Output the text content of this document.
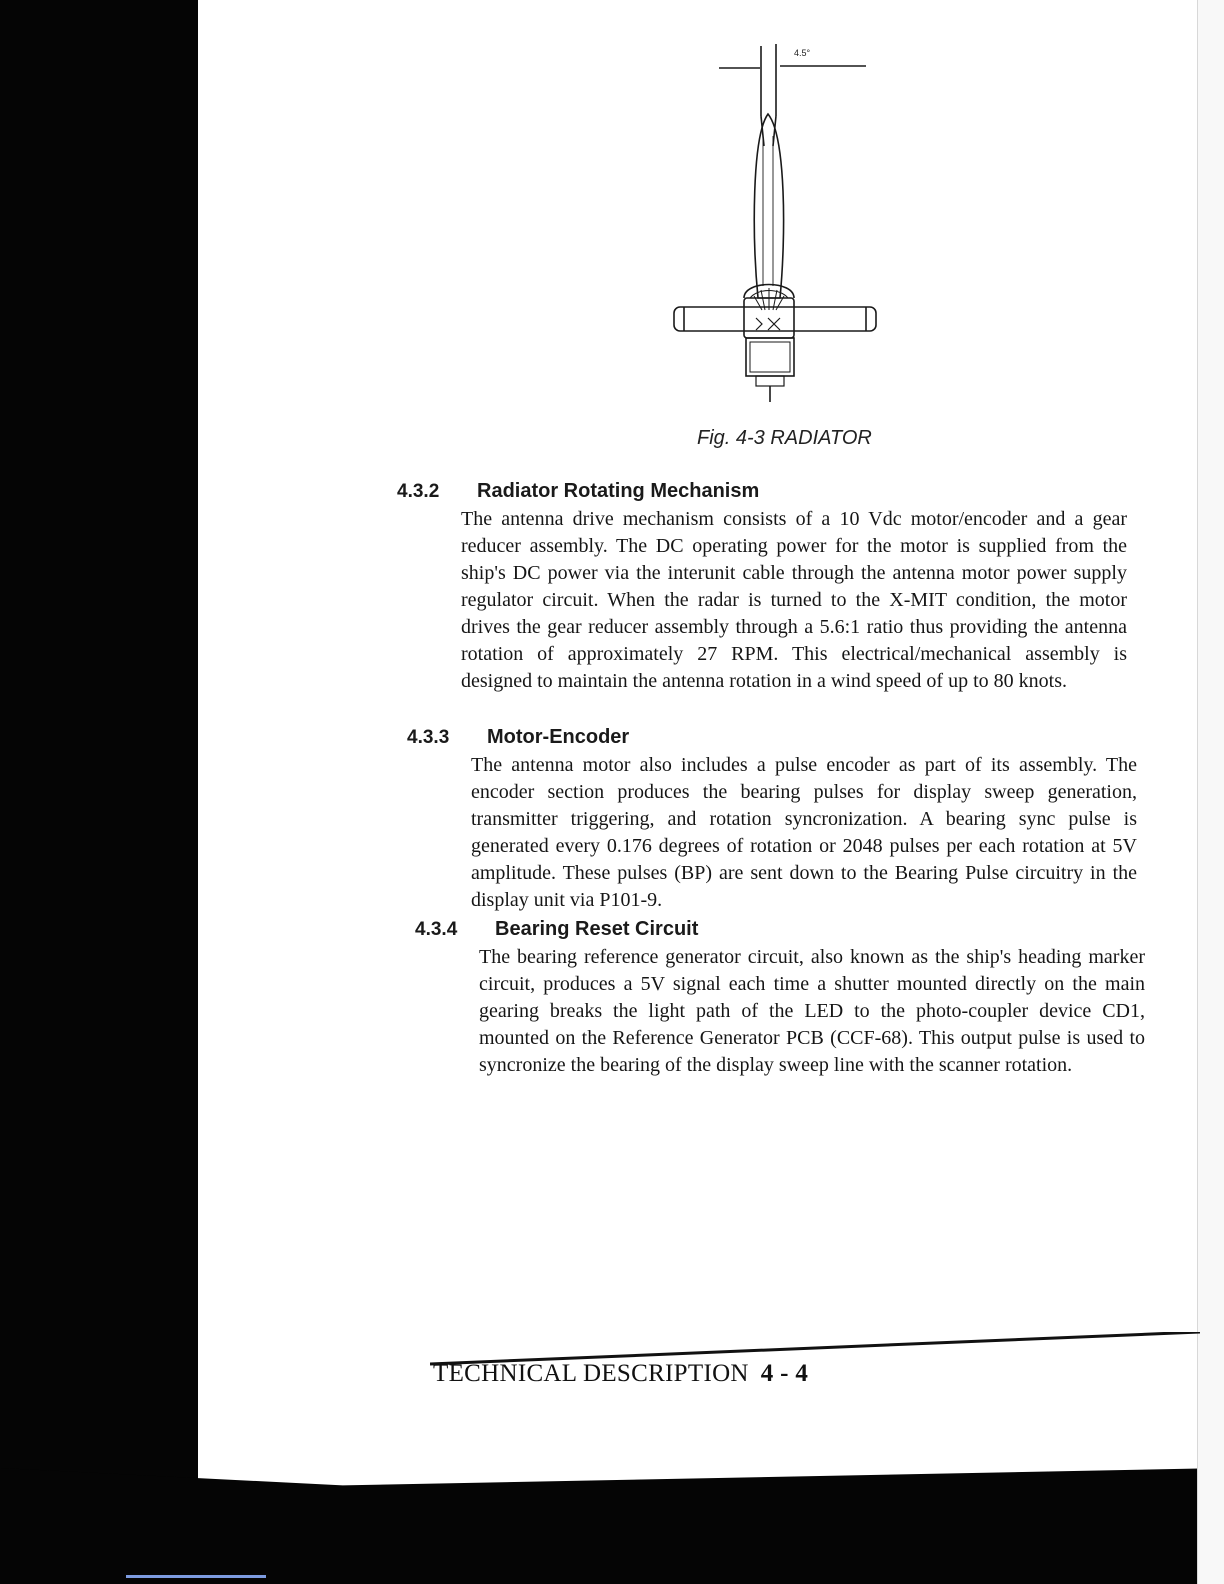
4.5°
Fig. 4-3 RADIATOR
4.3.2	Radiator Rotating Mechanism

The antenna drive mechanism consists of a 10 Vdc motor/encoder and a gear reducer assembly. The DC operating power for the motor is supplied from the ship's DC power via the interunit cable through the antenna motor power supply regulator circuit. When the radar is turned to the X-MIT condition, the motor drives the gear reducer assembly through a 5.6:1 ratio thus providing the antenna rotation of approximately 27 RPM. This electrical/mechanical assembly is designed to maintain the antenna rotation in a wind speed of up to 80 knots.

4.3.3	Motor-Encoder

The antenna motor also includes a pulse encoder as part of its assembly. The encoder section produces the bearing pulses for display sweep generation, transmitter triggering, and rotation syncronization. A bearing sync pulse is generated every 0.176 degrees of rotation or 2048 pulses per each rotation at 5V amplitude. These pulses (BP) are sent down to the Bearing Pulse circuitry in the display unit via P101-9.

4.3.4	Bearing Reset Circuit

The bearing reference generator circuit, also known as the ship's heading marker circuit, produces a 5V signal each time a shutter mounted directly on the main gearing breaks the light path of the LED to the photo-coupler device CD1, mounted on the Reference Generator PCB (CCF-68). This output pulse is used to syncronize the bearing of the display sweep line with the scanner rotation.

TECHNICAL DESCRIPTION 4 - 4
